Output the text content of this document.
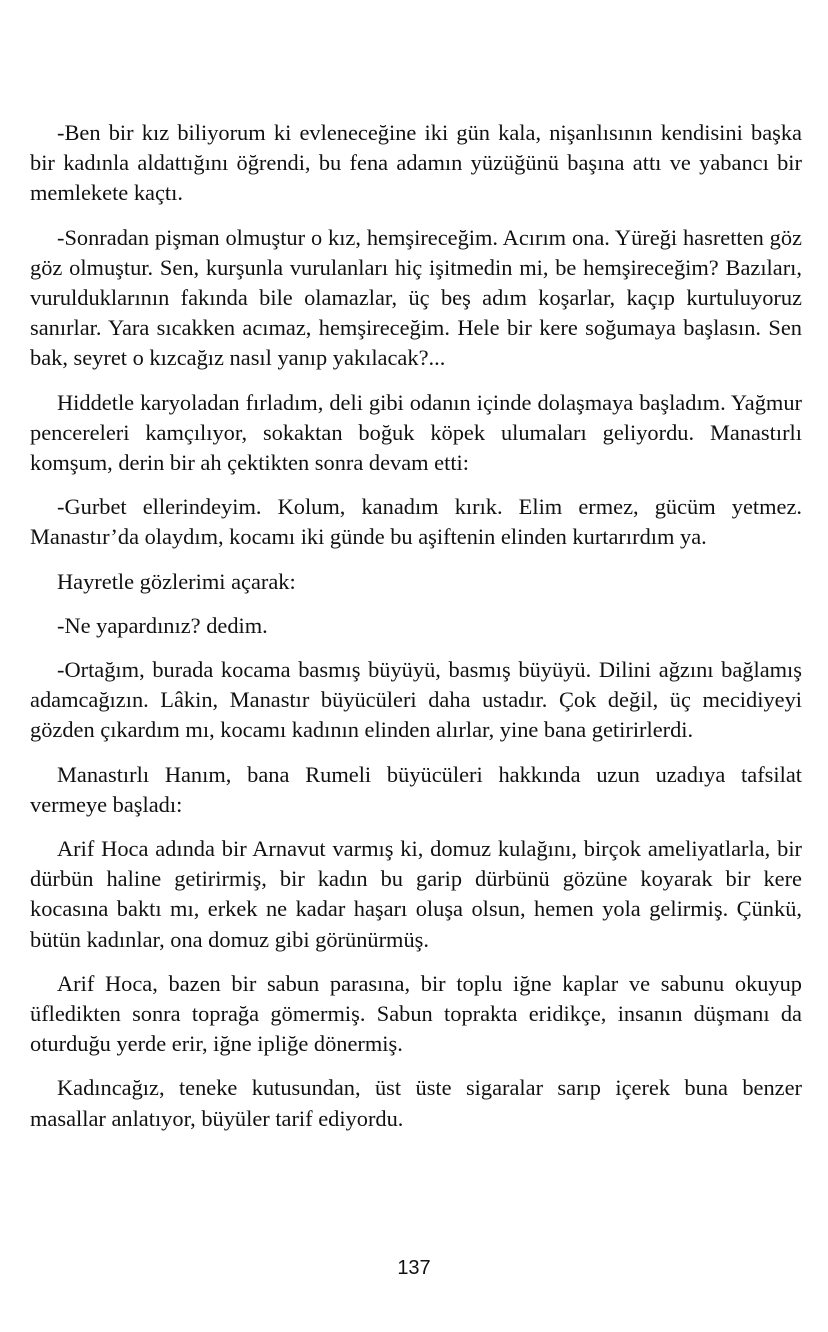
-Ben bir kız biliyorum ki evleneceğine iki gün kala, nişanlısının kendisini başka bir kadınla aldattığını öğrendi, bu fena adamın yüzüğünü başına attı ve yabancı bir memlekete kaçtı.

-Sonradan pişman olmuştur o kız, hemşireceğim. Acırım ona. Yüreği hasretten göz göz olmuştur. Sen, kurşunla vurulanları hiç işitmedin mi, be hemşireceğim? Bazıları, vurulduklarının fakında bile olamazlar, üç beş adım koşarlar, kaçıp kurtuluyoruz sanırlar. Yara sıcakken acımaz, hemşireceğim. Hele bir kere soğumaya başlasın. Sen bak, seyret o kızcağız nasıl yanıp yakılacak?...

Hiddetle karyoladan fırladım, deli gibi odanın içinde dolaşmaya başladım. Yağmur pencereleri kamçılıyor, sokaktan boğuk köpek ulumaları geliyordu. Manastırlı komşum, derin bir ah çektikten sonra devam etti:

-Gurbet ellerindeyim. Kolum, kanadım kırık. Elim ermez, gücüm yetmez. Manastır’da olaydım, kocamı iki günde bu aşiftenin elinden kurtarırdım ya.

Hayretle gözlerimi açarak:

-Ne yapardınız? dedim.

-Ortağım, burada kocama basmış büyüyü, basmış büyüyü. Dilini ağzını bağlamış adamcağızın. Lâkin, Manastır büyücüleri daha ustadır. Çok değil, üç mecidiyeyi gözden çıkardım mı, kocamı kadının elinden alırlar, yine bana getirirlerdi.

Manastırlı Hanım, bana Rumeli büyücüleri hakkında uzun uzadıya tafsilat vermeye başladı:

Arif Hoca adında bir Arnavut varmış ki, domuz kulağını, birçok ameliyatlarla, bir dürbün haline getirirmiş, bir kadın bu garip dürbünü gözüne koyarak bir kere kocasına baktı mı, erkek ne kadar haşarı oluşa olsun, hemen yola gelirmiş. Çünkü, bütün kadınlar, ona domuz gibi görünürmüş.

Arif Hoca, bazen bir sabun parasına, bir toplu iğne kaplar ve sabunu okuyup üfledikten sonra toprağa gömermiş. Sabun toprakta eridikçe, insanın düşmanı da oturduğu yerde erir, iğne ipliğe dönermiş.

Kadıncağız, teneke kutusundan, üst üste sigaralar sarıp içerek buna benzer masallar anlatıyor, büyüler tarif ediyordu.

137
